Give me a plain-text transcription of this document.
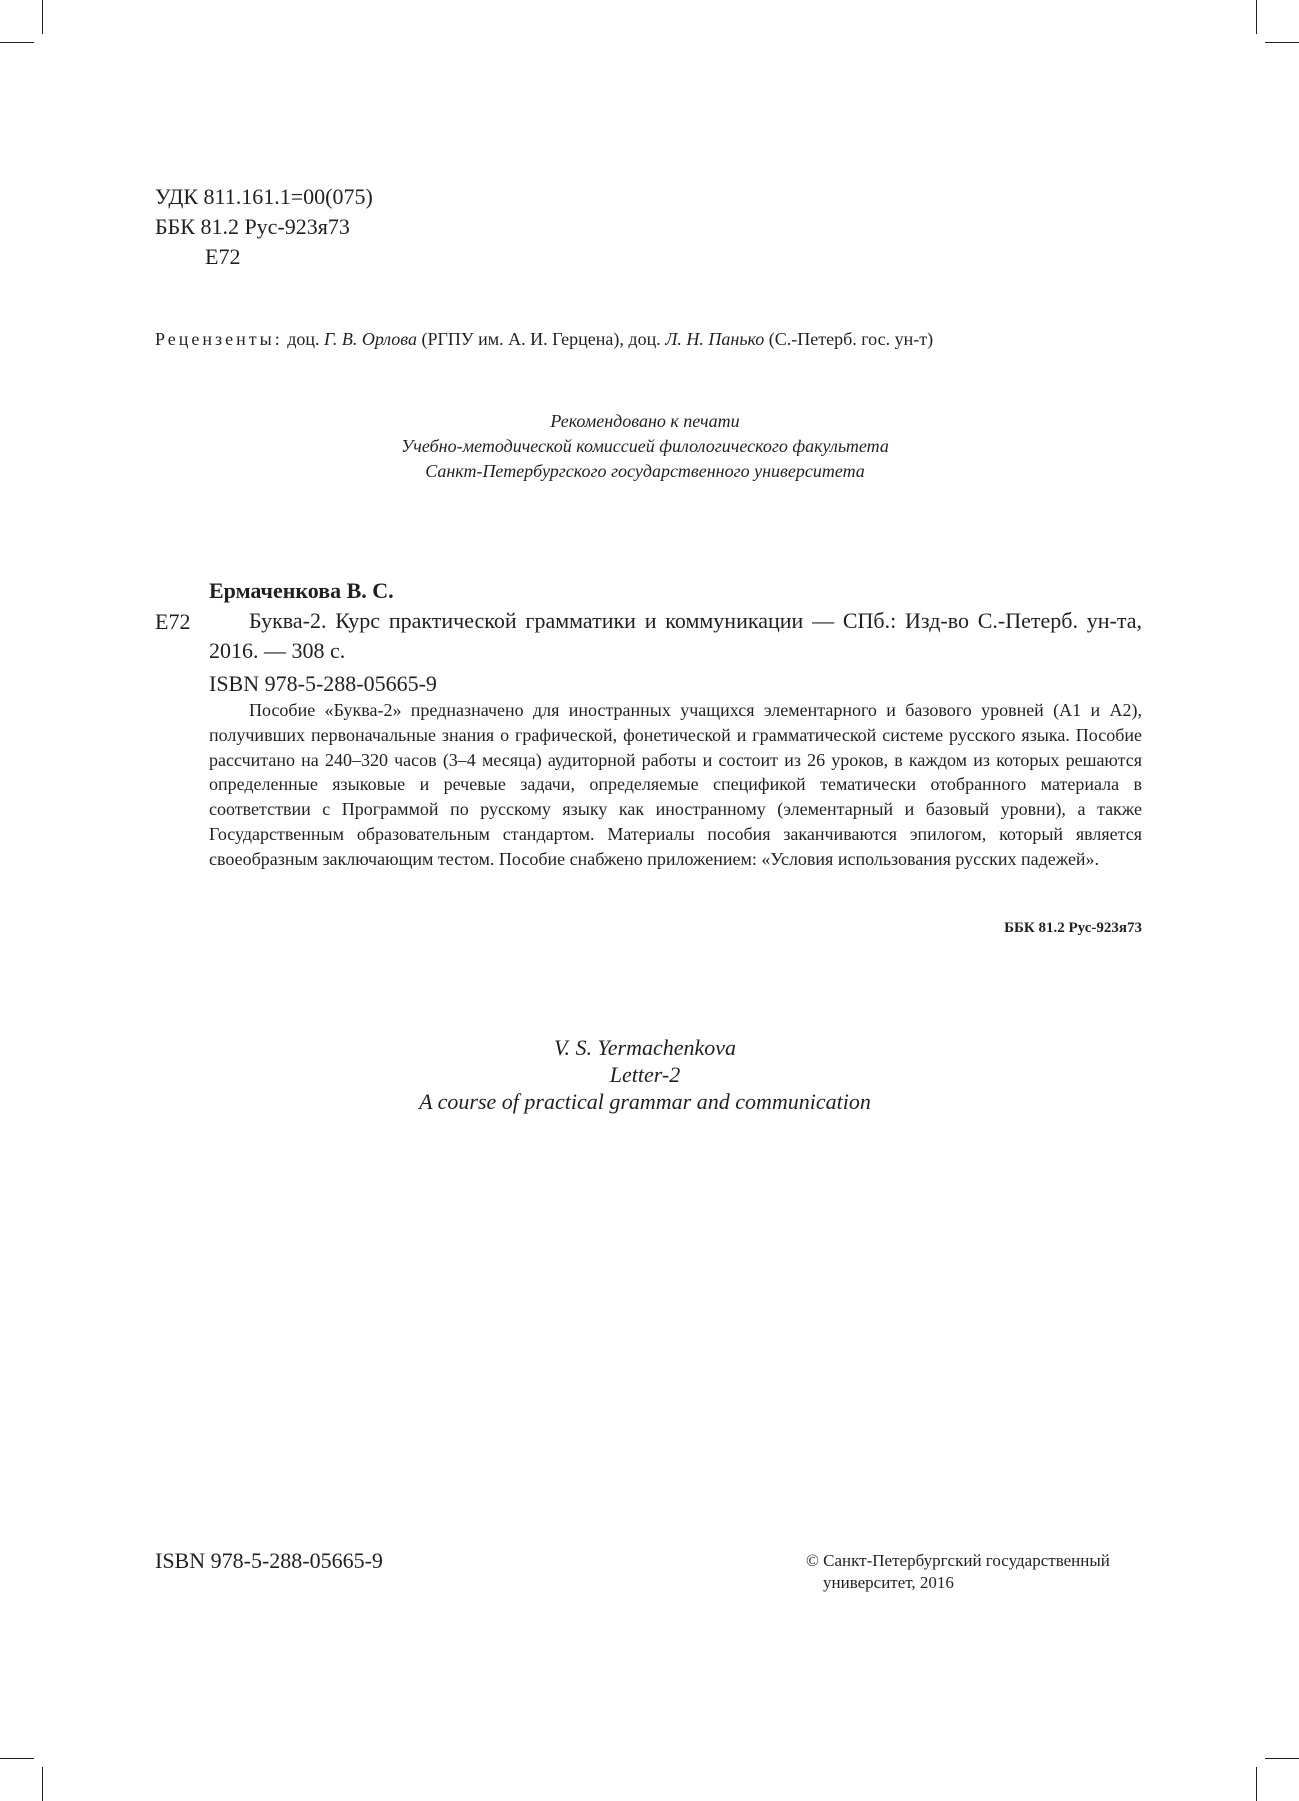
УДК 811.161.1=00(075)
ББК 81.2 Рус-923я73
Е72
Рецензенты: доц. Г. В. Орлова (РГПУ им. А. И. Герцена), доц. Л. Н. Панько (С.-Петерб. гос. ун-т)
Рекомендовано к печати
Учебно-методической комиссией филологического факультета
Санкт-Петербургского государственного университета
Ермаченкова В. С.
Е72	Буква-2. Курс практической грамматики и коммуникации — СПб.: Изд-во С.-Петерб. ун-та, 2016. — 308 с.

ISBN 978-5-288-05665-9

Пособие «Буква-2» предназначено для иностранных учащихся элементарного и базового уровней (А1 и А2), получивших первоначальные знания о графической, фонетической и грамматической системе русского языка. Пособие рассчитано на 240–320 часов (3–4 месяца) аудиторной работы и состоит из 26 уроков, в каждом из которых решаются определенные языковые и речевые задачи, определяемые спецификой тематически отобранного материала в соответствии с Программой по русскому языку как иностранному (элементарный и базовый уровни), а также Государственным образовательным стандартом. Материалы пособия заканчиваются эпилогом, который является своеобразным заключающим тестом. Пособие снабжено приложением: «Условия использования русских падежей».

ББК 81.2 Рус-923я73
V. S. Yermachenkova
Letter-2
A course of practical grammar and communication
ISBN 978-5-288-05665-9	© Санкт-Петербургский государственный
университет, 2016
